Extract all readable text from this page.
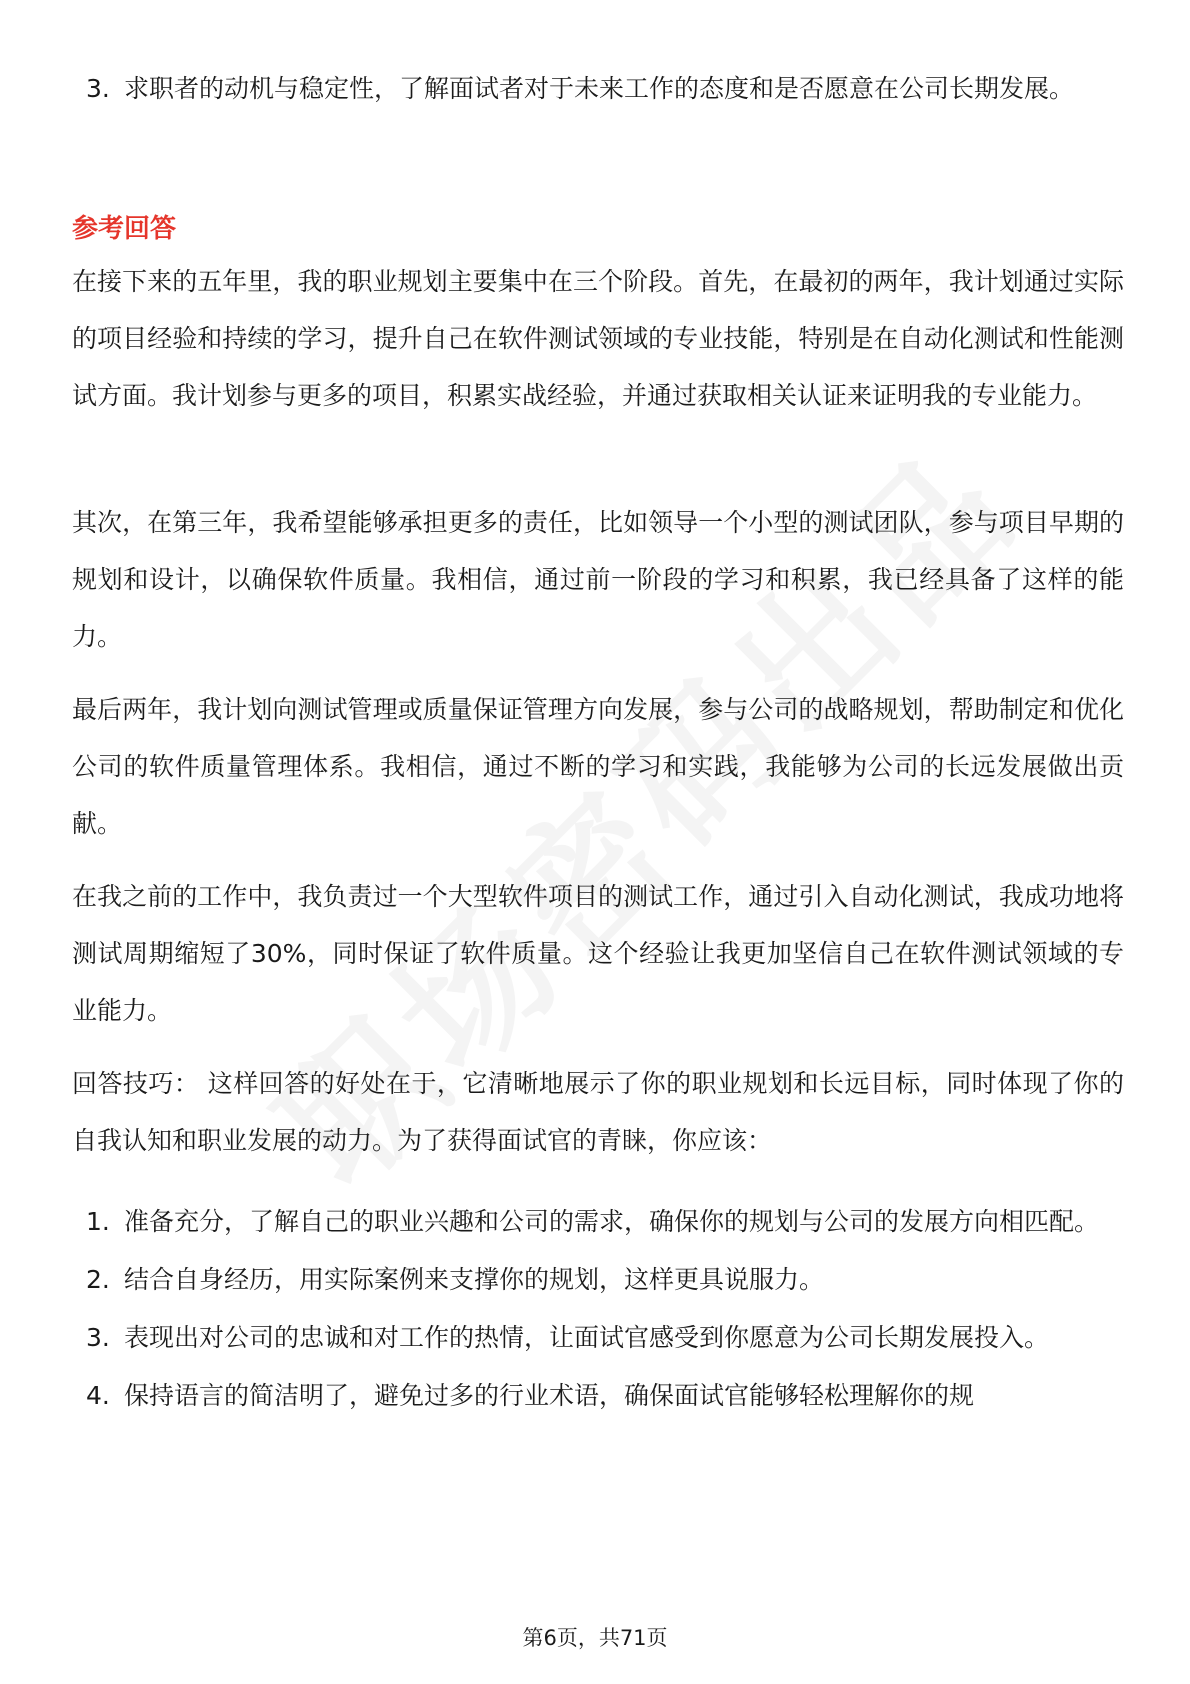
3. 求职者的动机与稳定性，了解面试者对于未来工作的态度和是否愿意在公司长期发展。
参考回答

在接下来的五年里，我的职业规划主要集中在三个阶段。首先，在最初的两年，我计划通过实际的项目经验和持续的学习，提升自己在软件测试领域的专业技能，特别是在自动化测试和性能测试方面。我计划参与更多的项目，积累实战经验，并通过获取相关认证来证明我的专业能力。

其次，在第三年，我希望能够承担更多的责任，比如领导一个小型的测试团队，参与项目早期的规划和设计，以确保软件质量。我相信，通过前一阶段的学习和积累，我已经具备了这样的能力。

最后两年，我计划向测试管理或质量保证管理方向发展，参与公司的战略规划，帮助制定和优化公司的软件质量管理体系。我相信，通过不断的学习和实践，我能够为公司的长远发展做出贡献。

在我之前的工作中，我负责过一个大型软件项目的测试工作，通过引入自动化测试，我成功地将测试周期缩短了30%，同时保证了软件质量。这个经验让我更加坚信自己在软件测试领域的专业能力。

回答技巧： 这样回答的好处在于，它清晰地展示了你的职业规划和长远目标，同时体现了你的自我认知和职业发展的动力。为了获得面试官的青睐，你应该：

1. 准备充分，了解自己的职业兴趣和公司的需求，确保你的规划与公司的发展方向相匹配。
2. 结合自身经历，用实际案例来支撑你的规划，这样更具说服力。
3. 表现出对公司的忠诚和对工作的热情，让面试官感受到你愿意为公司长期发展投入。
4. 保持语言的简洁明了，避免过多的行业术语，确保面试官能够轻松理解你的规
第6页，共71页
